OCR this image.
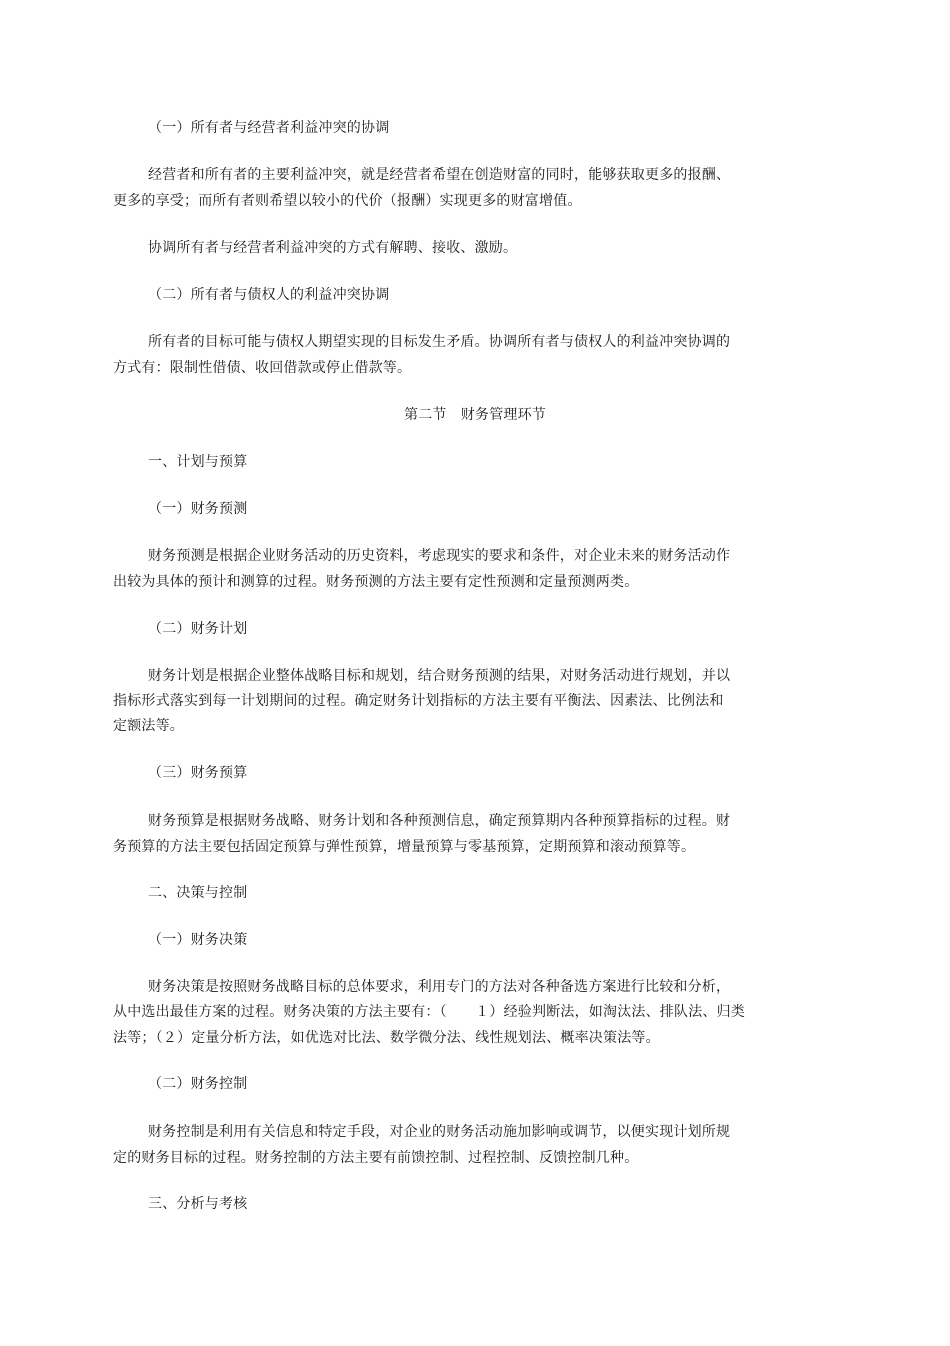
（一）所有者与经营者利益冲突的协调
经营者和所有者的主要利益冲突，就是经营者希望在创造财富的同时，能够获取更多的报酬、
更多的享受；而所有者则希望以较小的代价（报酬）实现更多的财富增值。
协调所有者与经营者利益冲突的方式有解聘、接收、激励。
（二）所有者与债权人的利益冲突协调
所有者的目标可能与债权人期望实现的目标发生矛盾。协调所有者与债权人的利益冲突协调的
方式有：限制性借债、收回借款或停止借款等。
第二节　财务管理环节
一、计划与预算
（一）财务预测
财务预测是根据企业财务活动的历史资料，考虑现实的要求和条件，对企业未来的财务活动作
出较为具体的预计和测算的过程。财务预测的方法主要有定性预测和定量预测两类。
（二）财务计划
财务计划是根据企业整体战略目标和规划，结合财务预测的结果，对财务活动进行规划，并以
指标形式落实到每一计划期间的过程。确定财务计划指标的方法主要有平衡法、因素法、比例法和
定额法等。
（三）财务预算
财务预算是根据财务战略、财务计划和各种预测信息，确定预算期内各种预算指标的过程。财
务预算的方法主要包括固定预算与弹性预算，增量预算与零基预算，定期预算和滚动预算等。
二、决策与控制
（一）财务决策
财务决策是按照财务战略目标的总体要求，利用专门的方法对各种备选方案进行比较和分析，
从中选出最佳方案的过程。财务决策的方法主要有：（　　１）经验判断法，如淘汰法、排队法、归类
法等；（２）定量分析方法，如优选对比法、数学微分法、线性规划法、概率决策法等。
（二）财务控制
财务控制是利用有关信息和特定手段，对企业的财务活动施加影响或调节，以便实现计划所规
定的财务目标的过程。财务控制的方法主要有前馈控制、过程控制、反馈控制几种。
三、分析与考核
